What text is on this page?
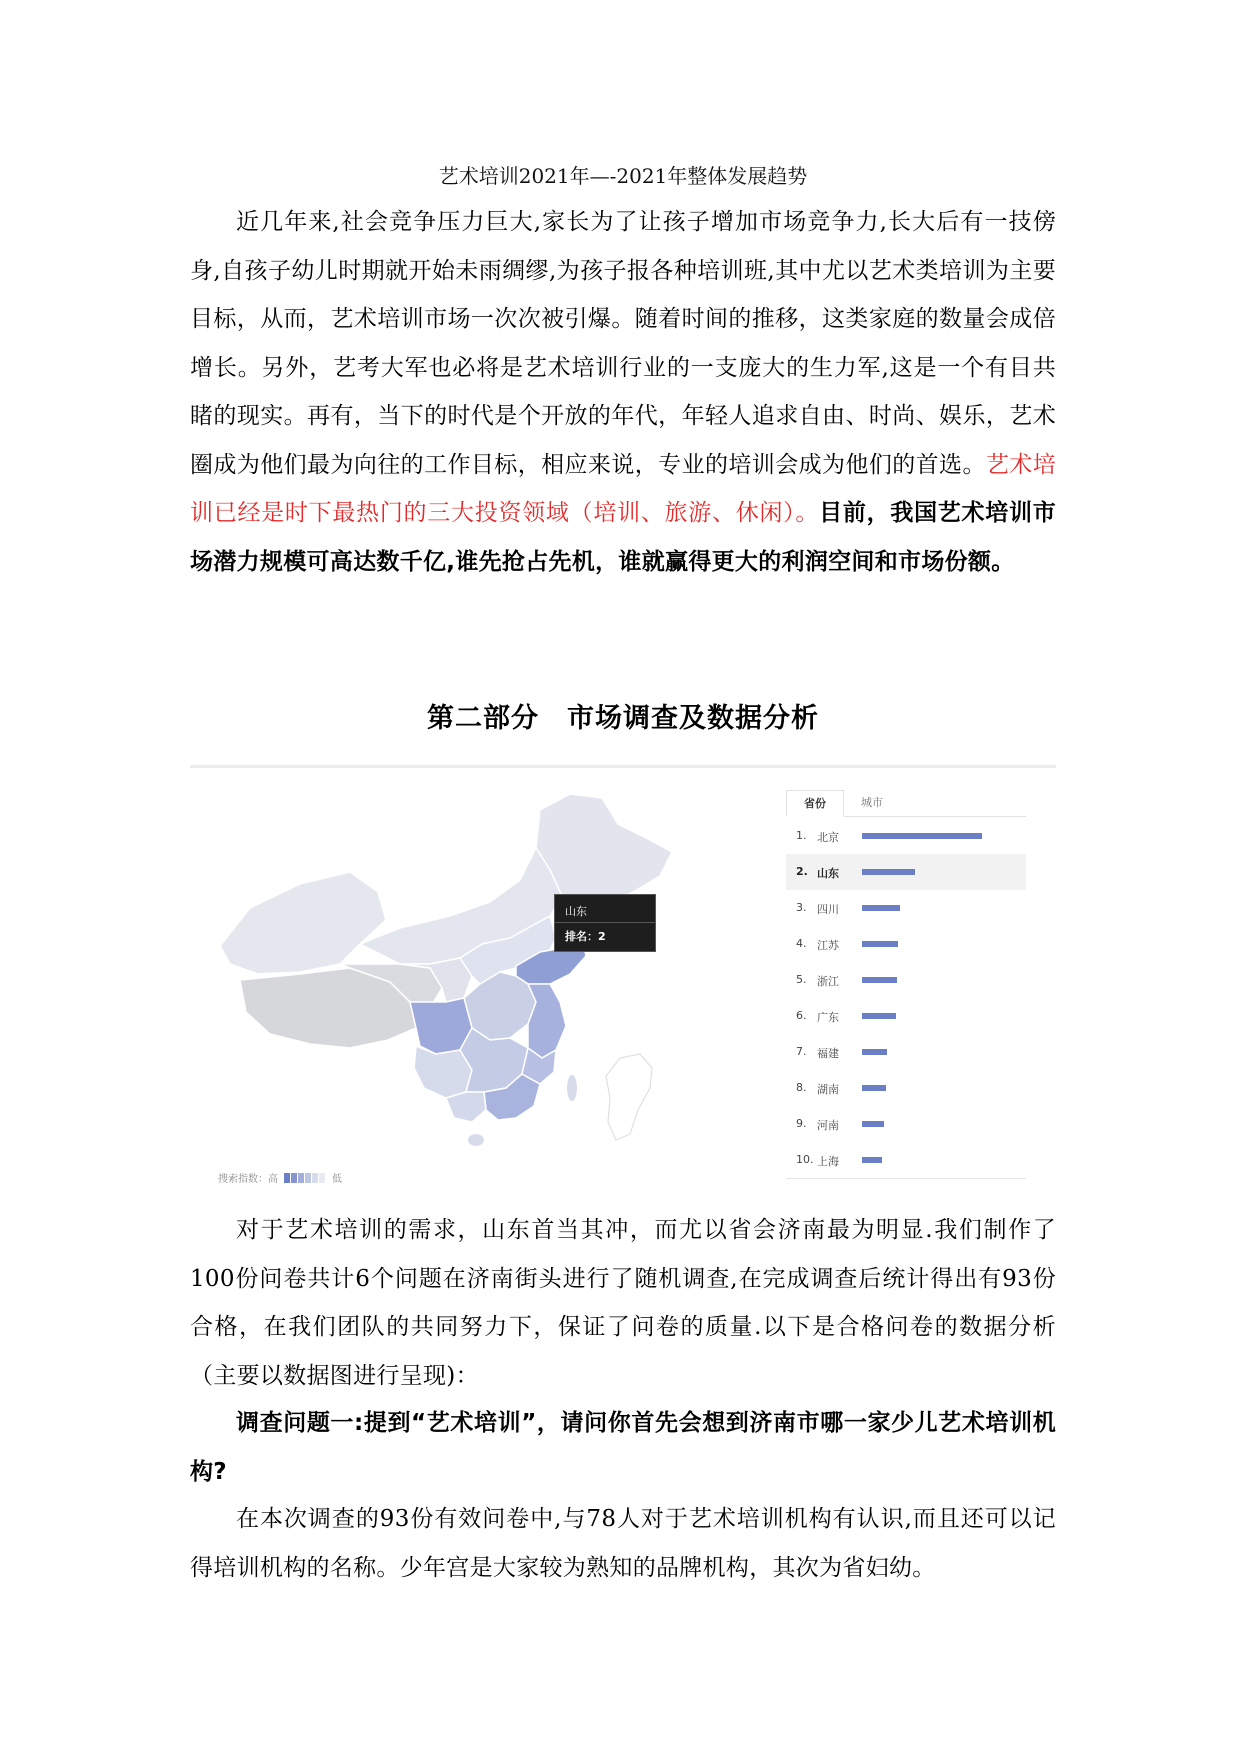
艺术培训2021年—-2021年整体发展趋势
近几年来,社会竞争压力巨大,家长为了让孩子增加市场竞争力,长大后有一技傍身,自孩子幼儿时期就开始未雨绸缪,为孩子报各种培训班,其中尤以艺术类培训为主要目标，从而，艺术培训市场一次次被引爆。随着时间的推移，这类家庭的数量会成倍增长。另外，艺考大军也必将是艺术培训行业的一支庞大的生力军,这是一个有目共睹的现实。再有，当下的时代是个开放的年代，年轻人追求自由、时尚、娱乐，艺术圈成为他们最为向往的工作目标，相应来说，专业的培训会成为他们的首选。艺术培训已经是时下最热门的三大投资领域（培训、旅游、休闲）。目前，我国艺术培训市场潜力规模可高达数千亿,谁先抢占先机，谁就赢得更大的利润空间和市场份额。
第二部分　市场调查及数据分析
搜索指数：高	低
山东
排名：2
省份	城市
1. 北京
2. 山东
3. 四川
4. 江苏
5. 浙江
6. 广东
7. 福建
8. 湖南
9. 河南
10. 上海
对于艺术培训的需求，山东首当其冲，而尤以省会济南最为明显.我们制作了100份问卷共计6个问题在济南街头进行了随机调查,在完成调查后统计得出有93份合格，在我们团队的共同努力下，保证了问卷的质量.以下是合格问卷的数据分析（主要以数据图进行呈现)：
调查问题一:提到“艺术培训”，请问你首先会想到济南市哪一家少儿艺术培训机构?
在本次调查的93份有效问卷中,与78人对于艺术培训机构有认识,而且还可以记得培训机构的名称。少年宫是大家较为熟知的品牌机构，其次为省妇幼。
